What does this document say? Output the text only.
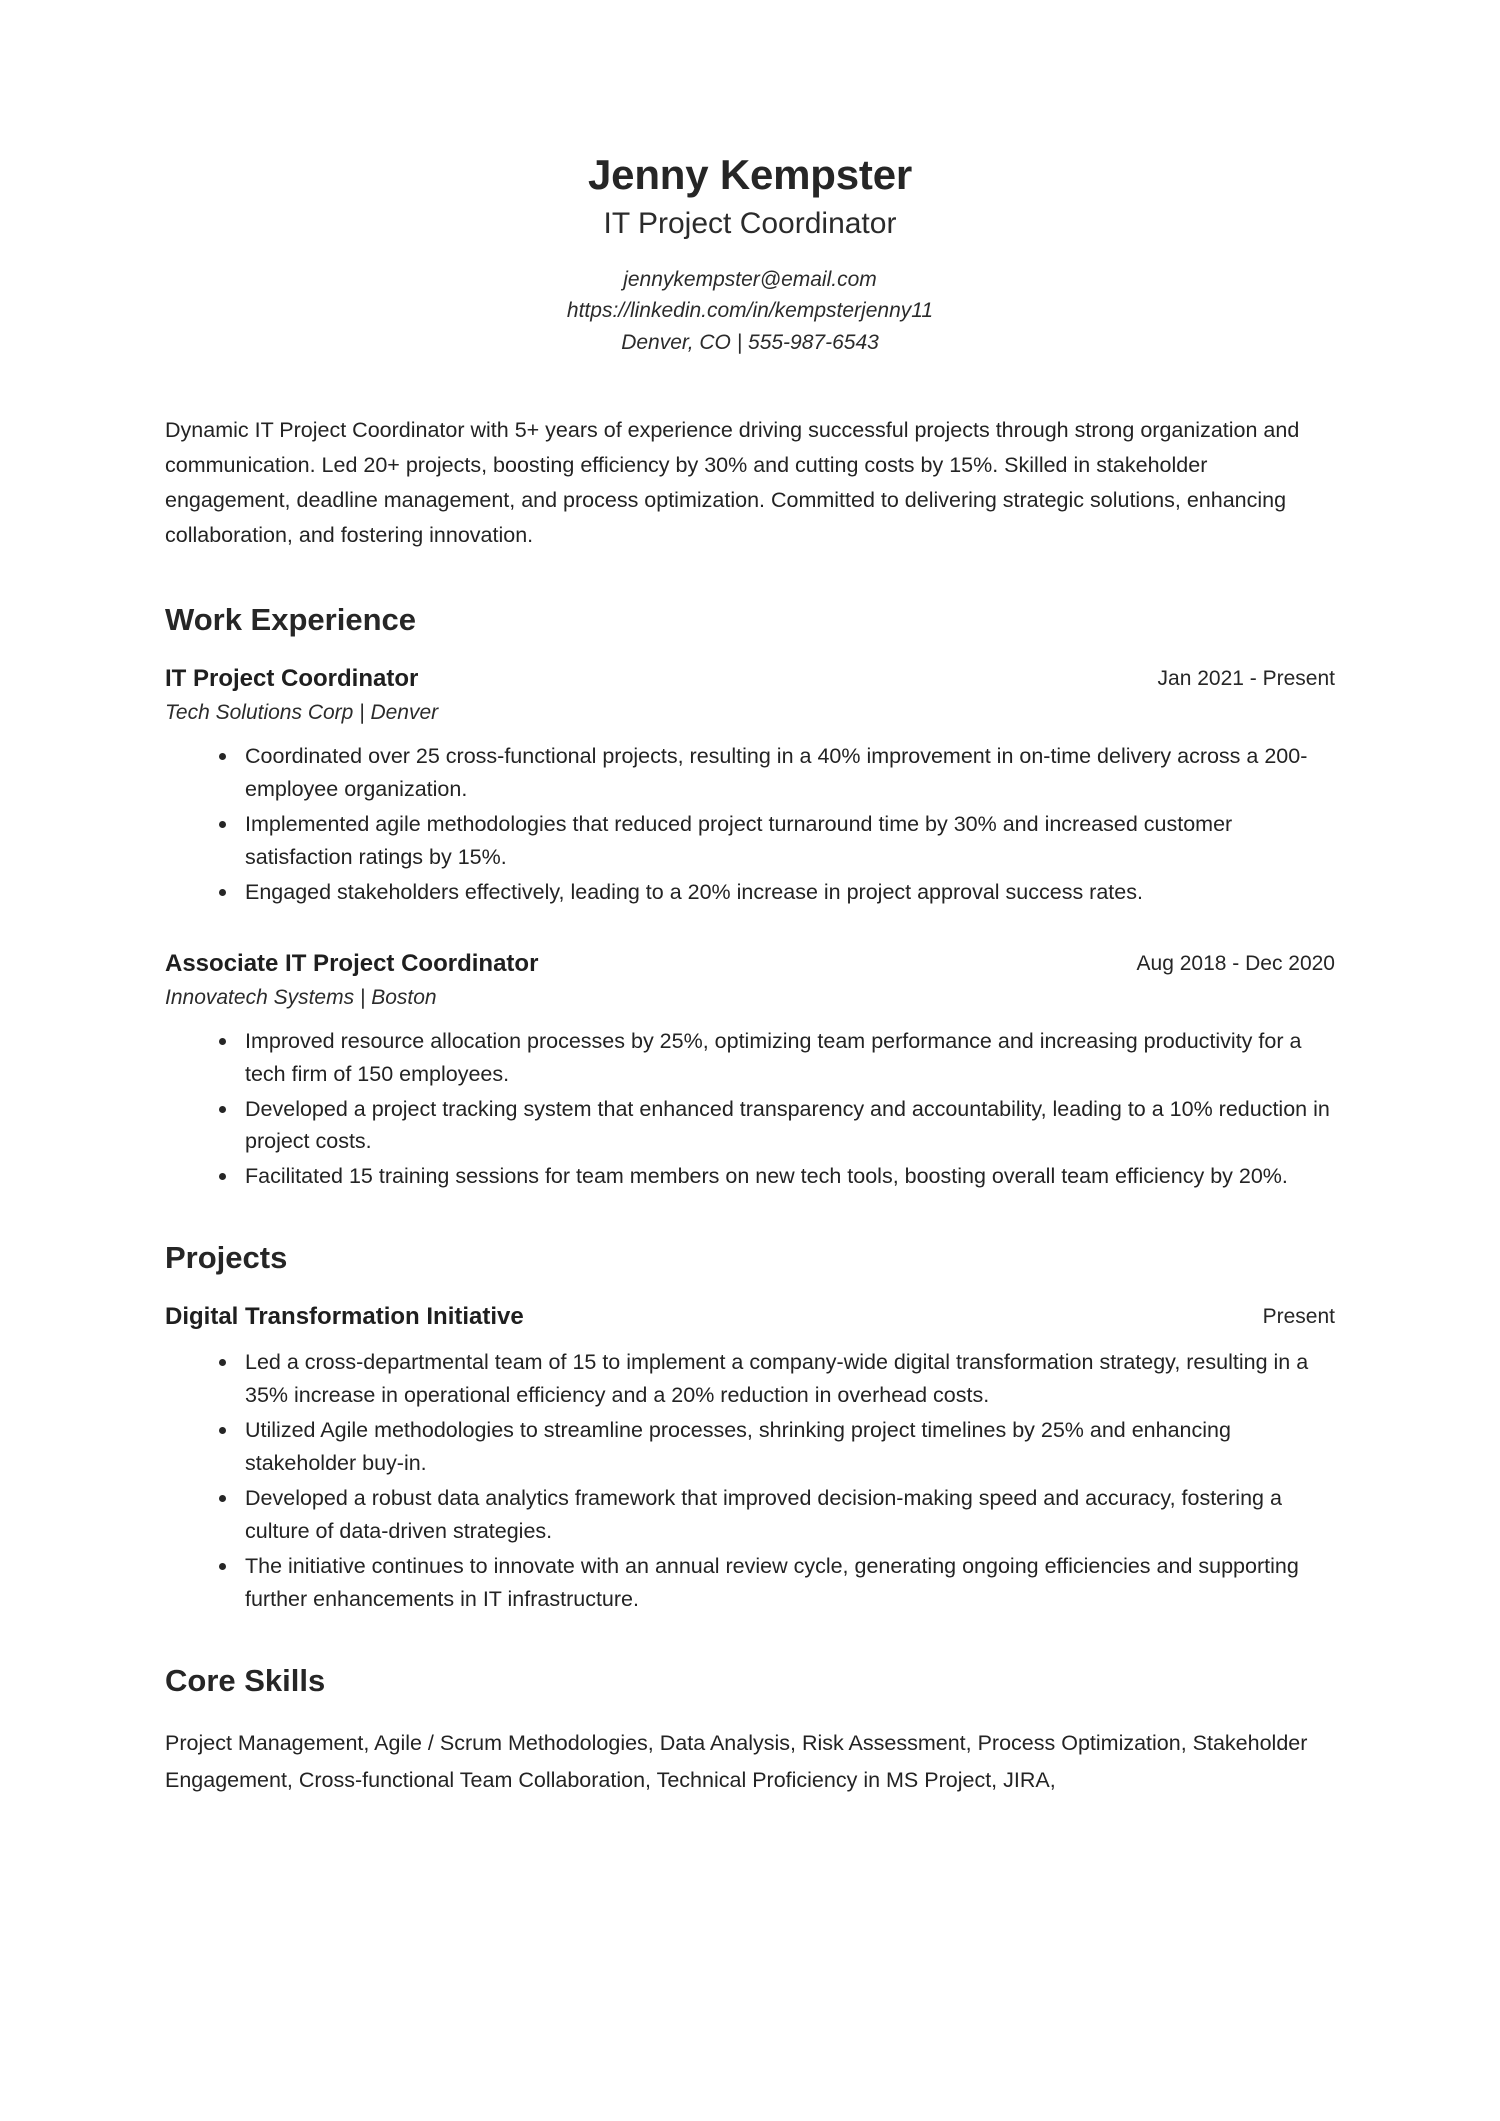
Jenny Kempster
IT Project Coordinator
jennykempster@email.com
https://linkedin.com/in/kempsterjenny11
Denver, CO | 555-987-6543

Dynamic IT Project Coordinator with 5+ years of experience driving successful projects through strong organization and communication. Led 20+ projects, boosting efficiency by 30% and cutting costs by 15%. Skilled in stakeholder engagement, deadline management, and process optimization. Committed to delivering strategic solutions, enhancing collaboration, and fostering innovation.

Work Experience
IT Project Coordinator	Jan 2021 - Present
Tech Solutions Corp | Denver
Coordinated over 25 cross-functional projects, resulting in a 40% improvement in on-time delivery across a 200-employee organization.
Implemented agile methodologies that reduced project turnaround time by 30% and increased customer satisfaction ratings by 15%.
Engaged stakeholders effectively, leading to a 20% increase in project approval success rates.
Associate IT Project Coordinator	Aug 2018 - Dec 2020
Innovatech Systems | Boston
Improved resource allocation processes by 25%, optimizing team performance and increasing productivity for a tech firm of 150 employees.
Developed a project tracking system that enhanced transparency and accountability, leading to a 10% reduction in project costs.
Facilitated 15 training sessions for team members on new tech tools, boosting overall team efficiency by 20%.
Projects
Digital Transformation Initiative	Present
Led a cross-departmental team of 15 to implement a company-wide digital transformation strategy, resulting in a 35% increase in operational efficiency and a 20% reduction in overhead costs.
Utilized Agile methodologies to streamline processes, shrinking project timelines by 25% and enhancing stakeholder buy-in.
Developed a robust data analytics framework that improved decision-making speed and accuracy, fostering a culture of data-driven strategies.
The initiative continues to innovate with an annual review cycle, generating ongoing efficiencies and supporting further enhancements in IT infrastructure.
Core Skills

Project Management, Agile / Scrum Methodologies, Data Analysis, Risk Assessment, Process Optimization, Stakeholder Engagement, Cross-functional Team Collaboration, Technical Proficiency in MS Project, JIRA,
